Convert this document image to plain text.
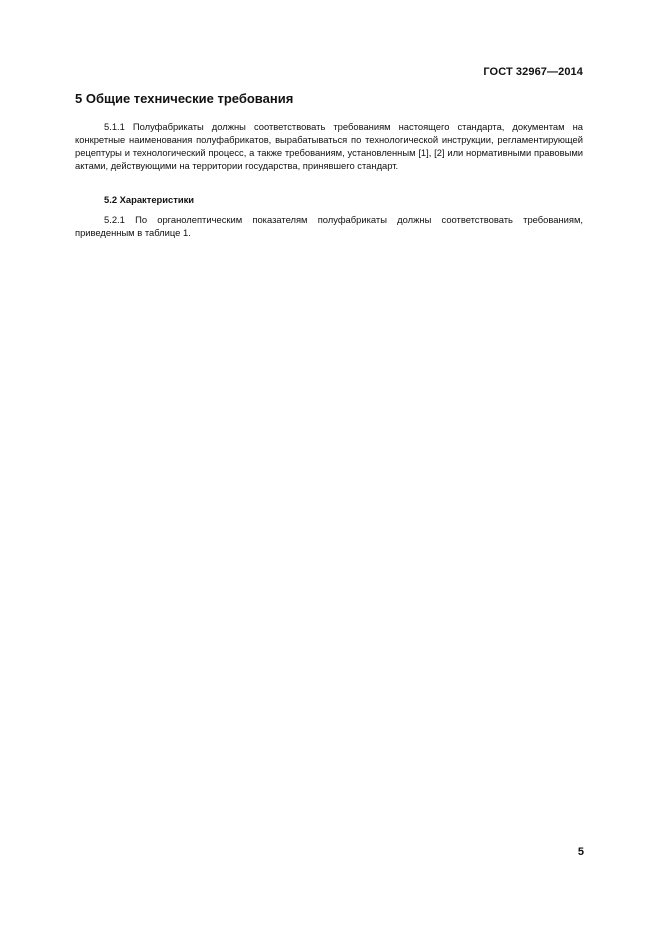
ГОСТ 32967—2014
5 Общие технические требования

5.1.1 Полуфабрикаты должны соответствовать требованиям настоящего стандарта, документам на конкретные наименования полуфабрикатов, вырабатываться по технологической инструкции, регламентирующей рецептуры и технологический процесс, а также требованиям, установленным [1], [2] или нормативными правовыми актами, действующими на территории государства, принявшего стандарт.

5.2 Характеристики

5.2.1 По органолептическим показателям полуфабрикаты должны соответствовать требованиям, приведенным в таблице 1.

5
